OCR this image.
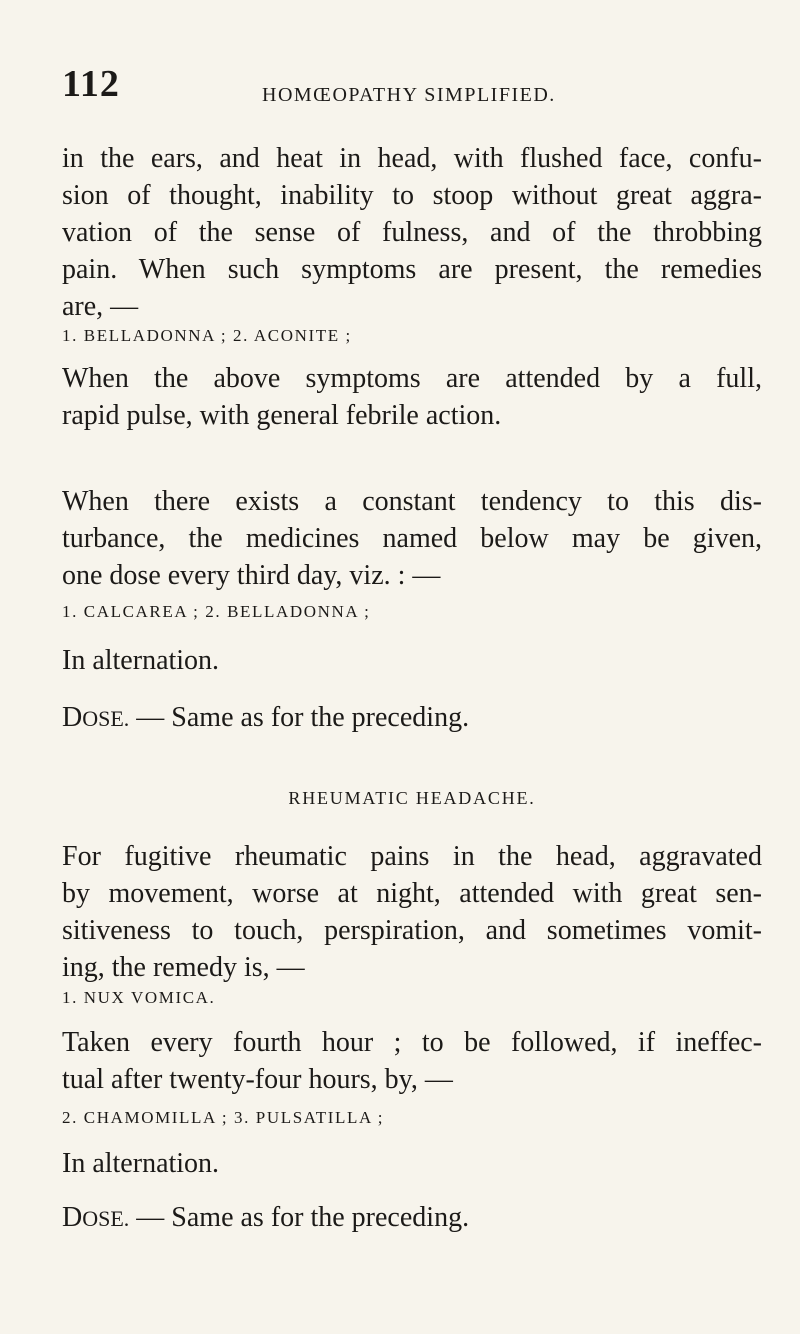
112	HOMŒOPATHY SIMPLIFIED.

in the ears, and heat in head, with flushed face, confu-
sion of thought, inability to stoop without great aggra-
vation of the sense of fulness, and of the throbbing
pain. When such symptoms are present, the remedies
are, —

1. BELLADONNA ; 2. ACONITE ;

When the above symptoms are attended by a full,
rapid pulse, with general febrile action.

When there exists a constant tendency to this dis-
turbance, the medicines named below may be given,
one dose every third day, viz. : —

1. CALCAREA ; 2. BELLADONNA ;
In alternation.
DOSE. — Same as for the preceding.
RHEUMATIC HEADACHE.

For fugitive rheumatic pains in the head, aggravated
by movement, worse at night, attended with great sen-
sitiveness to touch, perspiration, and sometimes vomit-
ing, the remedy is, —

1. NUX VOMICA.

Taken every fourth hour ; to be followed, if ineffec-
tual after twenty-four hours, by, —

2. CHAMOMILLA ; 3. PULSATILLA ;
In alternation.
DOSE. — Same as for the preceding.
